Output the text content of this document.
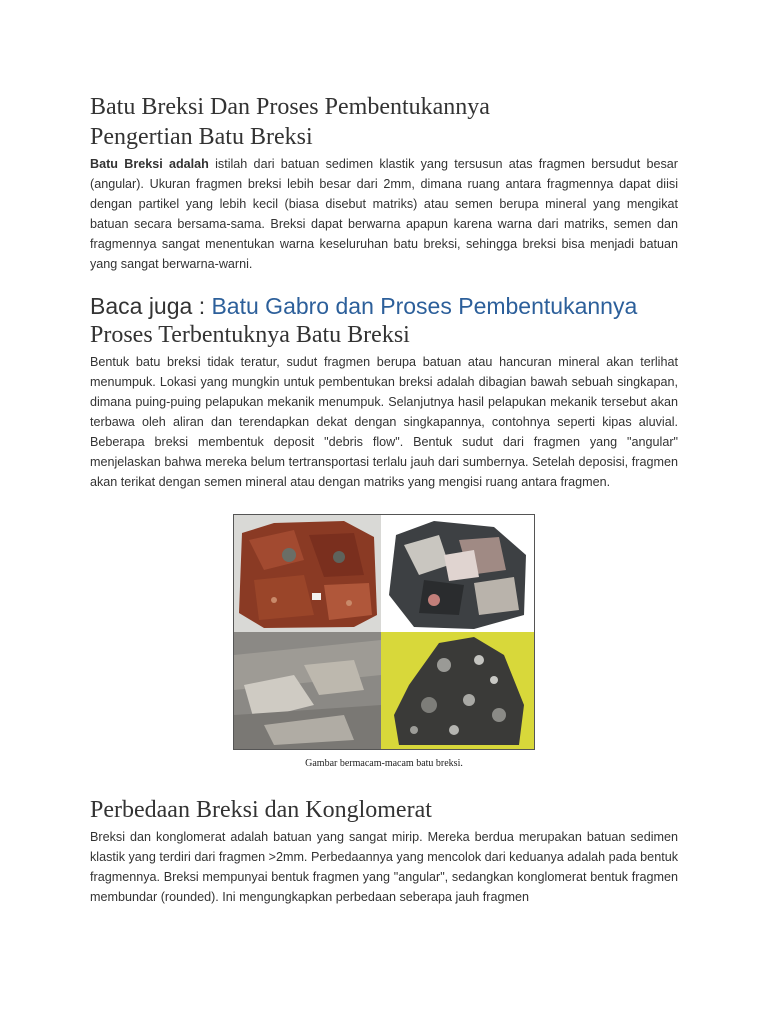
Batu Breksi Dan Proses Pembentukannya
Pengertian Batu Breksi

Batu Breksi adalah istilah dari batuan sedimen klastik yang tersusun atas fragmen bersudut besar (angular). Ukuran fragmen breksi lebih besar dari 2mm, dimana ruang antara fragmennya dapat diisi dengan partikel yang lebih kecil (biasa disebut matriks) atau semen berupa mineral yang mengikat batuan secara bersama-sama. Breksi dapat berwarna apapun karena warna dari matriks, semen dan fragmennya sangat menentukan warna keseluruhan batu breksi, sehingga breksi bisa menjadi batuan yang sangat berwarna-warni.

Baca juga : Batu Gabro dan Proses Pembentukannya
Proses Terbentuknya Batu Breksi

Bentuk batu breksi tidak teratur, sudut fragmen berupa batuan atau hancuran mineral akan terlihat menumpuk. Lokasi yang mungkin untuk pembentukan breksi adalah dibagian bawah sebuah singkapan, dimana puing-puing pelapukan mekanik menumpuk. Selanjutnya hasil pelapukan mekanik tersebut akan terbawa oleh aliran dan terendapkan dekat dengan singkapannya, contohnya seperti kipas aluvial. Beberapa breksi membentuk deposit "debris flow". Bentuk sudut dari fragmen yang "angular" menjelaskan bahwa mereka belum tertransportasi terlalu jauh dari sumbernya. Setelah deposisi, fragmen akan terikat dengan semen mineral atau dengan matriks yang mengisi ruang antara fragmen.

Gambar bermacam-macam batu breksi.
Perbedaan Breksi dan Konglomerat

Breksi dan konglomerat adalah batuan yang sangat mirip. Mereka berdua merupakan batuan sedimen klastik yang terdiri dari fragmen >2mm. Perbedaannya yang mencolok dari keduanya adalah pada bentuk fragmennya. Breksi mempunyai bentuk fragmen yang "angular", sedangkan konglomerat bentuk fragmen membundar (rounded). Ini mengungkapkan perbedaan seberapa jauh fragmen
